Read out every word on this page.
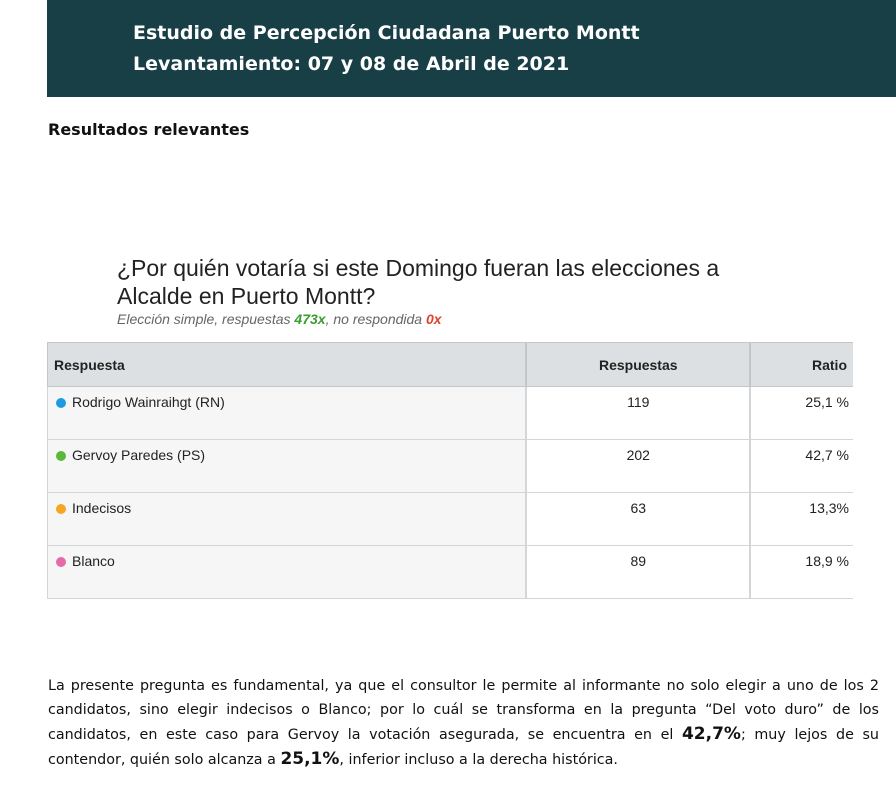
Estudio de Percepción Ciudadana Puerto Montt
Levantamiento: 07 y 08 de Abril de 2021
Resultados relevantes
¿Por quién votaría si este Domingo fueran las elecciones a Alcalde en Puerto Montt?
Elección simple, respuestas 473x, no respondida 0x
Respuesta	Respuestas	Ratio
Rodrigo Wainraihgt (RN)	119	25,1 %
Gervoy Paredes (PS)	202	42,7 %
Indecisos	63	13,3%
Blanco	89	18,9 %
La presente pregunta es fundamental, ya que el consultor le permite al informante no solo elegir a uno de los 2 candidatos, sino elegir indecisos o Blanco; por lo cuál se transforma en la pregunta “Del voto duro” de los candidatos, en este caso para Gervoy la votación asegurada, se encuentra en el 42,7%; muy lejos de su contendor, quién solo alcanza a 25,1%, inferior incluso a la derecha histórica.
